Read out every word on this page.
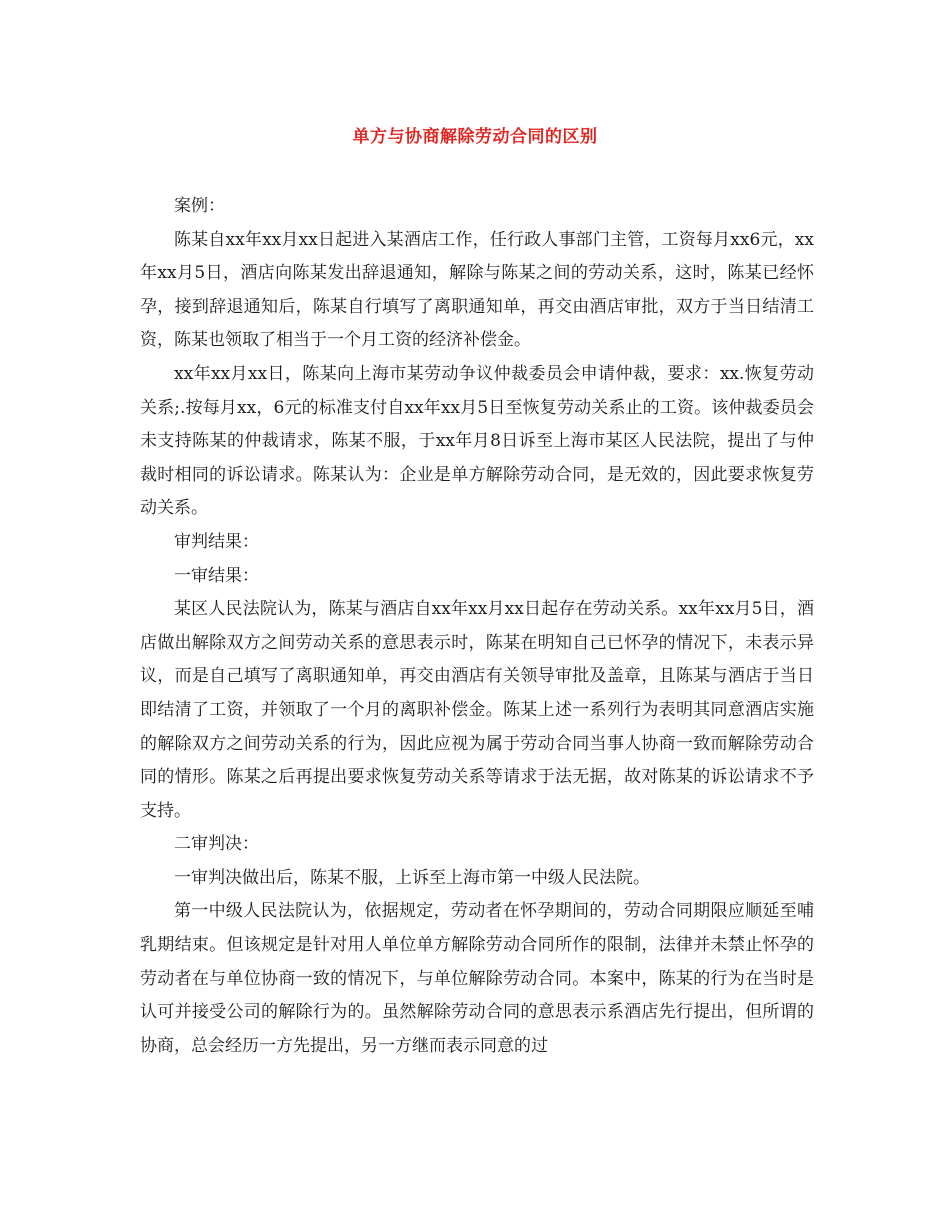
单方与协商解除劳动合同的区别

案例：

陈某自xx年xx月xx日起进入某酒店工作，任行政人事部门主管，工资每月xx6元，xx年xx月5日，酒店向陈某发出辞退通知，解除与陈某之间的劳动关系，这时，陈某已经怀孕，接到辞退通知后，陈某自行填写了离职通知单，再交由酒店审批，双方于当日结清工资，陈某也领取了相当于一个月工资的经济补偿金。

xx年xx月xx日，陈某向上海市某劳动争议仲裁委员会申请仲裁，要求：xx.恢复劳动关系;.按每月xx，6元的标准支付自xx年xx月5日至恢复劳动关系止的工资。该仲裁委员会未支持陈某的仲裁请求，陈某不服，于xx年月8日诉至上海市某区人民法院，提出了与仲裁时相同的诉讼请求。陈某认为：企业是单方解除劳动合同，是无效的，因此要求恢复劳动关系。

审判结果：

一审结果：

某区人民法院认为，陈某与酒店自xx年xx月xx日起存在劳动关系。xx年xx月5日，酒店做出解除双方之间劳动关系的意思表示时，陈某在明知自己已怀孕的情况下，未表示异议，而是自己填写了离职通知单，再交由酒店有关领导审批及盖章，且陈某与酒店于当日即结清了工资，并领取了一个月的离职补偿金。陈某上述一系列行为表明其同意酒店实施的解除双方之间劳动关系的行为，因此应视为属于劳动合同当事人协商一致而解除劳动合同的情形。陈某之后再提出要求恢复劳动关系等请求于法无据，故对陈某的诉讼请求不予支持。

二审判决：

一审判决做出后，陈某不服，上诉至上海市第一中级人民法院。

第一中级人民法院认为，依据规定，劳动者在怀孕期间的，劳动合同期限应顺延至哺乳期结束。但该规定是针对用人单位单方解除劳动合同所作的限制，法律并未禁止怀孕的劳动者在与单位协商一致的情况下，与单位解除劳动合同。本案中，陈某的行为在当时是认可并接受公司的解除行为的。虽然解除劳动合同的意思表示系酒店先行提出，但所谓的协商，总会经历一方先提出，另一方继而表示同意的过
